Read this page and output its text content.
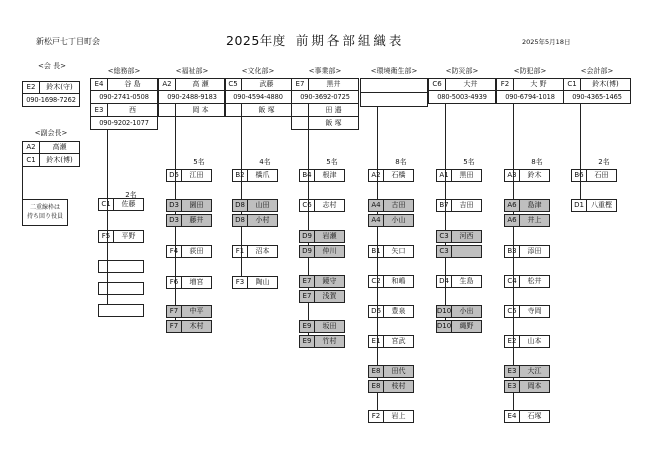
新松戸七丁目町会	2025年度 前期各部組織表	2025年5月18日
<会 長>
E2	鈴木(守)
090-1698-7262
<副会長>
A2	高瀬
C1	鈴木(博)
二重線枠は
持ち回り役員
<総務部>
E4	谷 島
090-2741-0508
E3	西
090-9202-1077
2名
C1	佐藤
F5	平野
<福祉部>
A2	高 瀬
090-2488-9183
岡 本
5名
D5	江田
D3	園田
D3	藤井
F4	荻田
F6	増宮
F7	中平
F7	木村
<文化部>
C5	武藤
090-4594-4880
飯 塚
4名
B2	橋爪
D8	山田
D8	小村
F1	沼本
F3	陶山
<事業部>
E7	黒井
090-3692-0725
田 邉
飯 塚
5名
B4	根津
C6	志村
D9	岩瀬
D9	仲川
E7	鏡守
E7	浅賀
E9	坂田
E9	竹村
<環境衛生部>
8名
A2	石橋
A4	古田
A4	小山
B1	矢口
C2	和嶋
D6	豊泉
E1	宮武
E8	田代
E8	枝村
F2	岩上
<防災部>
C6	大井
080-5003-4939
5名
A1	黒田
B7	吉田
C3	河西
C3
D4	生島
D10	小出
D10	縄野
<防犯部>
F2	大 野
090-6794-1018
8名
A3	鈴木
A6	島津
A6	井上
B3	添田
C4	松井
C5	寺岡
E2	山本
E3	大江
E3	岡本
E4	石塚
<会計部>
C1	鈴木(博)
090-4365-1465
2名
B6	石田
D1	八重樫
